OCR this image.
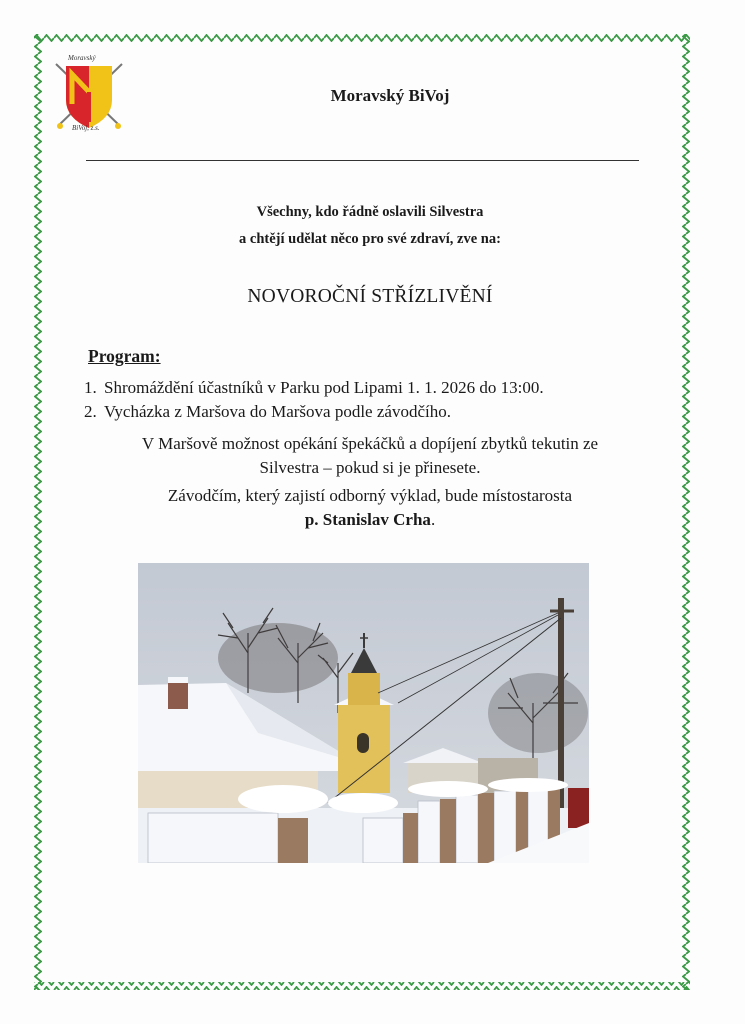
Moravský
BiVoj, z.s.
Moravský BiVoj
Všechny, kdo řádně oslavili Silvestra
a chtějí udělat něco pro své zdraví, zve na:
NOVOROČNÍ STŘÍZLIVĚNÍ
Program:
1. Shromáždění účastníků v Parku pod Lipami 1. 1. 2026 do 13:00.
2. Vycházka z Maršova do Maršova podle závodčího.
V Maršově možnost opékání špekáčků a dopíjení zbytků tekutin ze
Silvestra – pokud si je přinesete.
Závodčím, který zajistí odborný výklad, bude místostarosta
p. Stanislav Crha.
